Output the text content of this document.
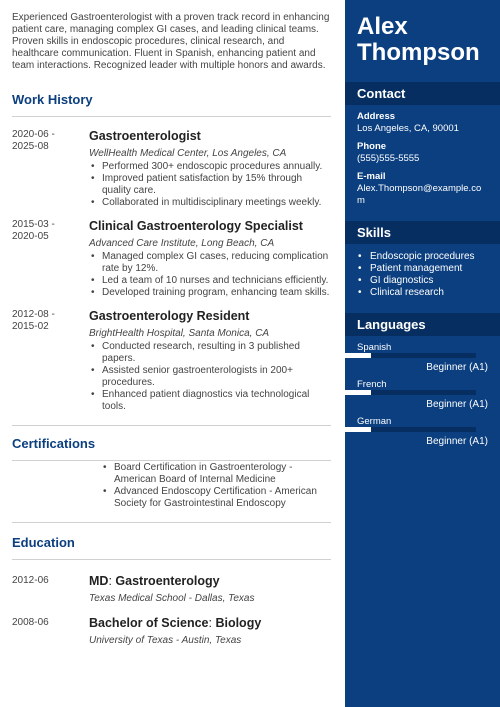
Experienced Gastroenterologist with a proven track record in enhancing patient care, managing complex GI cases, and leading clinical teams. Proven skills in endoscopic procedures, clinical research, and healthcare communication. Fluent in Spanish, enhancing patient and team interactions. Recognized leader with multiple honors and awards.

Work History
2020-06 -
2025-08
Gastroenterologist
WellHealth Medical Center, Los Angeles, CA
• Performed 300+ endoscopic procedures annually.
• Improved patient satisfaction by 15% through quality care.
• Collaborated in multidisciplinary meetings weekly.
2015-03 -
2020-05
Clinical Gastroenterology Specialist
Advanced Care Institute, Long Beach, CA
• Managed complex GI cases, reducing complication rate by 12%.
• Led a team of 10 nurses and technicians efficiently.
• Developed training program, enhancing team skills.
2012-08 -
2015-02
Gastroenterology Resident
BrightHealth Hospital, Santa Monica, CA
• Conducted research, resulting in 3 published papers.
• Assisted senior gastroenterologists in 200+ procedures.
• Enhanced patient diagnostics via technological tools.
Certifications
• Board Certification in Gastroenterology - American Board of Internal Medicine
• Advanced Endoscopy Certification - American Society for Gastrointestinal Endoscopy
Education
2012-06	MD: Gastroenterology
Texas Medical School - Dallas, Texas
2008-06	Bachelor of Science: Biology
University of Texas - Austin, Texas
Alex
Thompson
Contact
Address
Los Angeles, CA, 90001
Phone
(555)555-5555
E-mail
Alex.Thompson@example.com
Skills
• Endoscopic procedures
• Patient management
• GI diagnostics
• Clinical research
Languages
Spanish
Beginner (A1)
French
Beginner (A1)
German
Beginner (A1)
